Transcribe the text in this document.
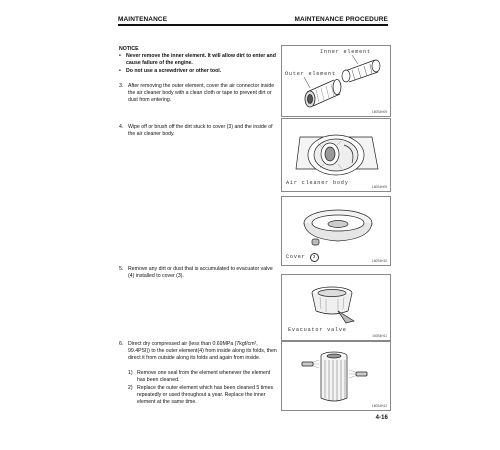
MAINTENANCE	MAINTENANCE PROCEDURE
NOTICE
• Never remove the inner element. It will allow dirt to enter and cause failure of the engine.
• Do not use a screwdriver or other tool.
3. After removing the outer element, cover the air connector inside the air cleaner body with a clean cloth or tape to prevent dirt or dust from entering.
Inner element
Outer element
160S4H09
4. Wipe off or brush off the dirt stuck to cover (3) and the inside of the air cleaner body.
Air cleaner body
160S4H09
Cover 3
160S4H10
5. Remove any dirt or dust that is accumulated to evacuator valve (4) installed to cover (3).
Evacuator valve
160S4H11
6. Direct dry compressed air (less than 0.69MPa (7kgf/cm², 99.4PSI)) to the outer element(4) from inside along its folds, then direct it from outside along its folds and again from inside.
1) Remove one seal from the element whenever the element has been cleaned.
2) Replace the outer element which has been cleaned 5 times repeatedly or used throughout a year. Replace the inner element at the same time.
160S4H12
4-16
